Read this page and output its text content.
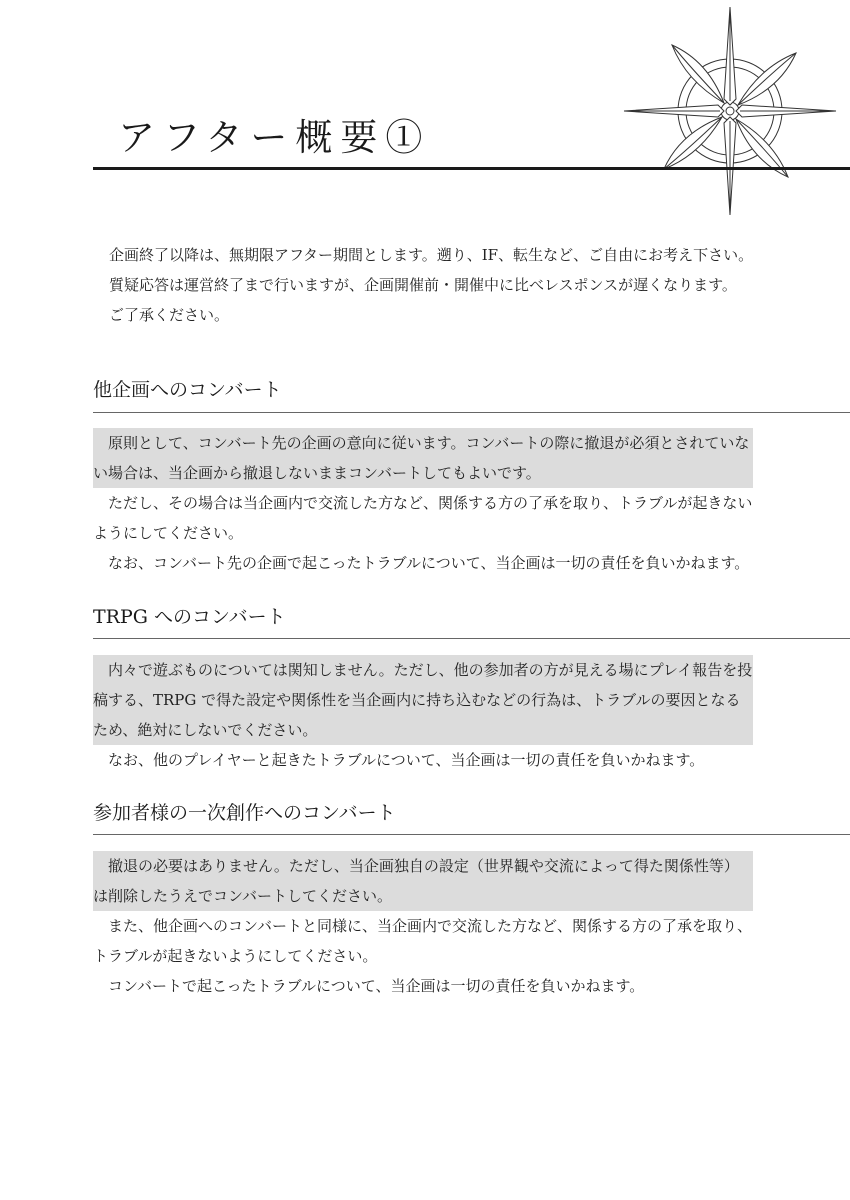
アフター概要①
企画終了以降は、無期限アフター期間とします。遡り、IF、転生など、ご自由にお考え下さい。
質疑応答は運営終了まで行いますが、企画開催前・開催中に比べレスポンスが遅くなります。
ご了承ください。
他企画へのコンバート

原則として、コンバート先の企画の意向に従います。コンバートの際に撤退が必須とされていない場合は、当企画から撤退しないままコンバートしてもよいです。

ただし、その場合は当企画内で交流した方など、関係する方の了承を取り、トラブルが起きないようにしてください。

なお、コンバート先の企画で起こったトラブルについて、当企画は一切の責任を負いかねます。

TRPG へのコンバート

内々で遊ぶものについては関知しません。ただし、他の参加者の方が見える場にプレイ報告を投稿する、TRPG で得た設定や関係性を当企画内に持ち込むなどの行為は、トラブルの要因となるため、絶対にしないでください。

なお、他のプレイヤーと起きたトラブルについて、当企画は一切の責任を負いかねます。

参加者様の一次創作へのコンバート

撤退の必要はありません。ただし、当企画独自の設定（世界観や交流によって得た関係性等）は削除したうえでコンバートしてください。

また、他企画へのコンバートと同様に、当企画内で交流した方など、関係する方の了承を取り、トラブルが起きないようにしてください。

コンバートで起こったトラブルについて、当企画は一切の責任を負いかねます。
